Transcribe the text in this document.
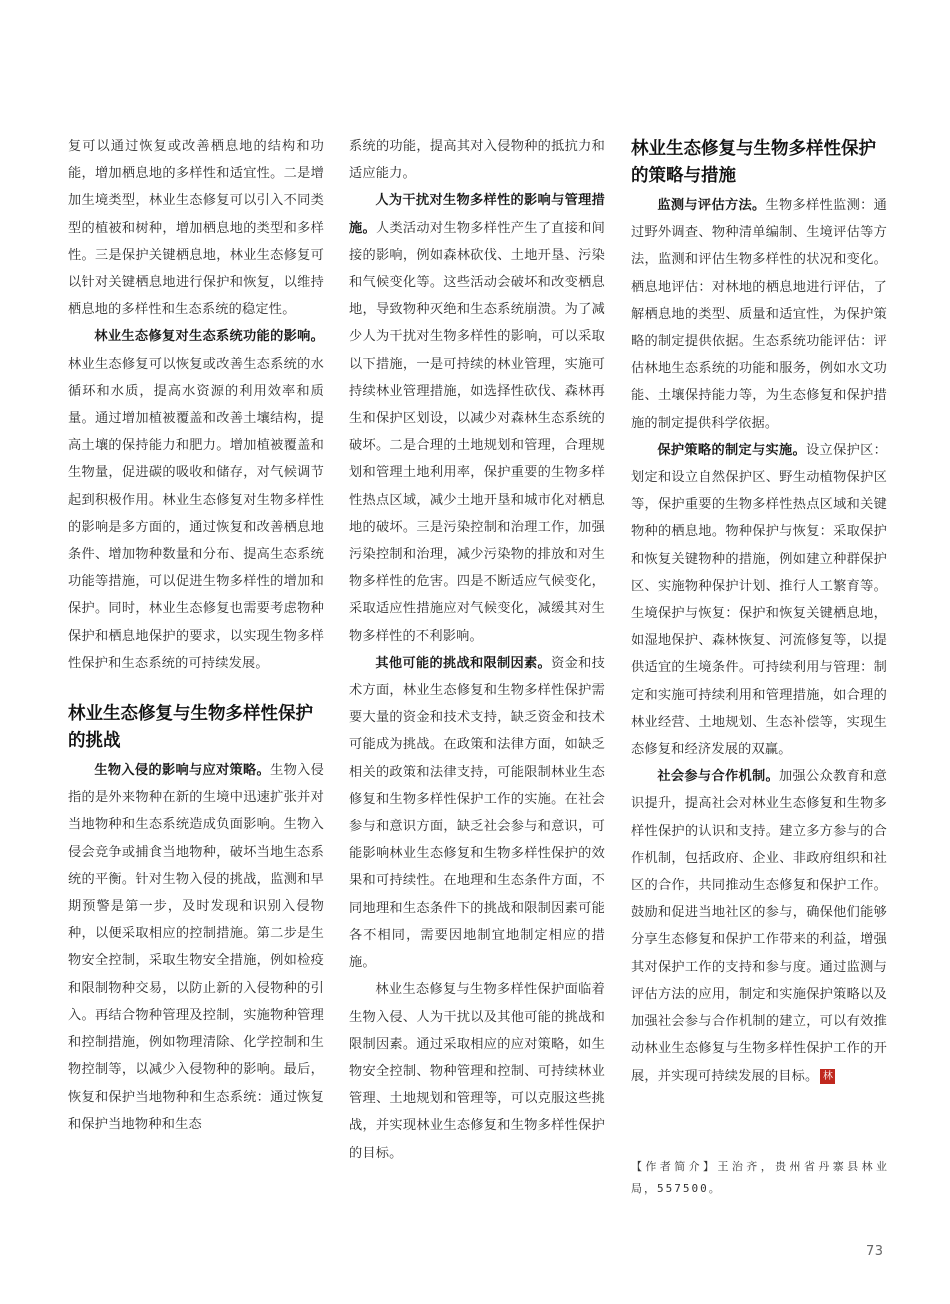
复可以通过恢复或改善栖息地的结构和功能，增加栖息地的多样性和适宜性。二是增加生境类型，林业生态修复可以引入不同类型的植被和树种，增加栖息地的类型和多样性。三是保护关键栖息地，林业生态修复可以针对关键栖息地进行保护和恢复，以维持栖息地的多样性和生态系统的稳定性。

林业生态修复对生态系统功能的影响。林业生态修复可以恢复或改善生态系统的水循环和水质，提高水资源的利用效率和质量。通过增加植被覆盖和改善土壤结构，提高土壤的保持能力和肥力。增加植被覆盖和生物量，促进碳的吸收和储存，对气候调节起到积极作用。林业生态修复对生物多样性的影响是多方面的，通过恢复和改善栖息地条件、增加物种数量和分布、提高生态系统功能等措施，可以促进生物多样性的增加和保护。同时，林业生态修复也需要考虑物种保护和栖息地保护的要求，以实现生物多样性保护和生态系统的可持续发展。

林业生态修复与生物多样性保护的挑战

生物入侵的影响与应对策略。生物入侵指的是外来物种在新的生境中迅速扩张并对当地物种和生态系统造成负面影响。生物入侵会竞争或捕食当地物种，破坏当地生态系统的平衡。针对生物入侵的挑战，监测和早期预警是第一步，及时发现和识别入侵物种，以便采取相应的控制措施。第二步是生物安全控制，采取生物安全措施，例如检疫和限制物种交易，以防止新的入侵物种的引入。再结合物种管理及控制，实施物种管理和控制措施，例如物理清除、化学控制和生物控制等，以减少入侵物种的影响。最后，恢复和保护当地物种和生态系统：通过恢复和保护当地物种和生态

系统的功能，提高其对入侵物种的抵抗力和适应能力。

人为干扰对生物多样性的影响与管理措施。人类活动对生物多样性产生了直接和间接的影响，例如森林砍伐、土地开垦、污染和气候变化等。这些活动会破坏和改变栖息地，导致物种灭绝和生态系统崩溃。为了减少人为干扰对生物多样性的影响，可以采取以下措施，一是可持续的林业管理，实施可持续林业管理措施，如选择性砍伐、森林再生和保护区划设，以减少对森林生态系统的破坏。二是合理的土地规划和管理，合理规划和管理土地利用率，保护重要的生物多样性热点区域，减少土地开垦和城市化对栖息地的破坏。三是污染控制和治理工作，加强污染控制和治理，减少污染物的排放和对生物多样性的危害。四是不断适应气候变化，采取适应性措施应对气候变化，减缓其对生物多样性的不利影响。

其他可能的挑战和限制因素。资金和技术方面，林业生态修复和生物多样性保护需要大量的资金和技术支持，缺乏资金和技术可能成为挑战。在政策和法律方面，如缺乏相关的政策和法律支持，可能限制林业生态修复和生物多样性保护工作的实施。在社会参与和意识方面，缺乏社会参与和意识，可能影响林业生态修复和生物多样性保护的效果和可持续性。在地理和生态条件方面，不同地理和生态条件下的挑战和限制因素可能各不相同，需要因地制宜地制定相应的措施。

林业生态修复与生物多样性保护面临着生物入侵、人为干扰以及其他可能的挑战和限制因素。通过采取相应的应对策略，如生物安全控制、物种管理和控制、可持续林业管理、土地规划和管理等，可以克服这些挑战，并实现林业生态修复和生物多样性保护的目标。

林业生态修复与生物多样性保护的策略与措施

监测与评估方法。生物多样性监测：通过野外调查、物种清单编制、生境评估等方法，监测和评估生物多样性的状况和变化。栖息地评估：对林地的栖息地进行评估，了解栖息地的类型、质量和适宜性，为保护策略的制定提供依据。生态系统功能评估：评估林地生态系统的功能和服务，例如水文功能、土壤保持能力等，为生态修复和保护措施的制定提供科学依据。

保护策略的制定与实施。设立保护区：划定和设立自然保护区、野生动植物保护区等，保护重要的生物多样性热点区域和关键物种的栖息地。物种保护与恢复：采取保护和恢复关键物种的措施，例如建立种群保护区、实施物种保护计划、推行人工繁育等。生境保护与恢复：保护和恢复关键栖息地，如湿地保护、森林恢复、河流修复等，以提供适宜的生境条件。可持续利用与管理：制定和实施可持续利用和管理措施，如合理的林业经营、土地规划、生态补偿等，实现生态修复和经济发展的双赢。

社会参与合作机制。加强公众教育和意识提升，提高社会对林业生态修复和生物多样性保护的认识和支持。建立多方参与的合作机制，包括政府、企业、非政府组织和社区的合作，共同推动生态修复和保护工作。鼓励和促进当地社区的参与，确保他们能够分享生态修复和保护工作带来的利益，增强其对保护工作的支持和参与度。通过监测与评估方法的应用，制定和实施保护策略以及加强社会参与合作机制的建立，可以有效推动林业生态修复与生物多样性保护工作的开展，并实现可持续发展的目标。 林

【作者简介】王治齐，贵州省丹寨县林业局，557500。
73
